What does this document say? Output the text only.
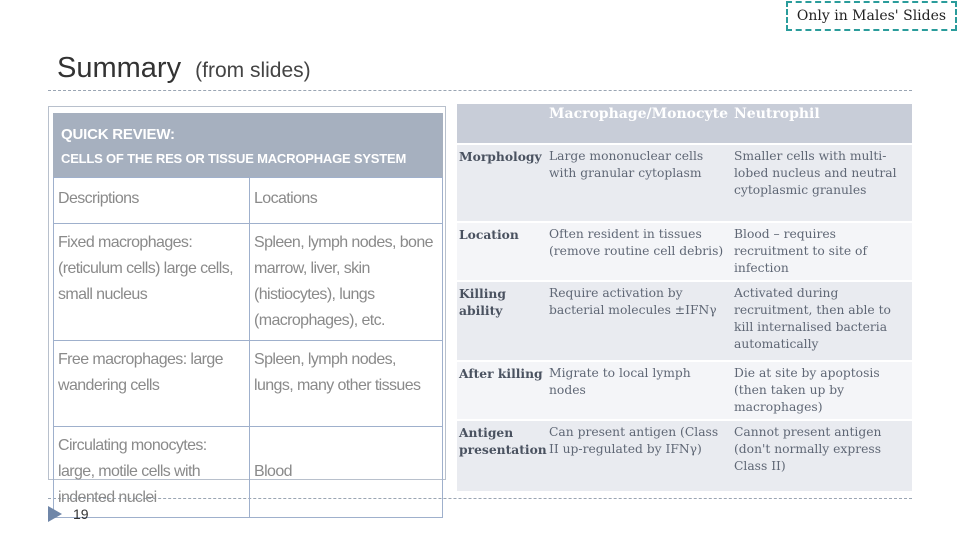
Only in Males' Slides
Summary (from slides)
QUICK REVIEW:
CELLS OF THE RES OR TISSUE MACROPHAGE SYSTEM
Descriptions	Locations
Fixed macrophages: (reticulum cells) large cells, small nucleus	Spleen, lymph nodes, bone marrow, liver, skin (histiocytes), lungs (macrophages), etc.
Free macrophages: large wandering cells	Spleen, lymph nodes, lungs, many other tissues
Circulating monocytes: large, motile cells with indented nuclei	Blood
	Macrophage/Monocyte	Neutrophil
Morphology	Large mononuclear cells with granular cytoplasm	Smaller cells with multi-lobed nucleus and neutral cytoplasmic granules
Location	Often resident in tissues (remove routine cell debris)	Blood – requires recruitment to site of infection
Killing ability	Require activation by bacterial molecules ±IFNγ	Activated during recruitment, then able to kill internalised bacteria automatically
After killing	Migrate to local lymph nodes	Die at site by apoptosis (then taken up by macrophages)
Antigen presentation	Can present antigen (Class II up-regulated by IFNγ)	Cannot present antigen (don't normally express Class II)
19
